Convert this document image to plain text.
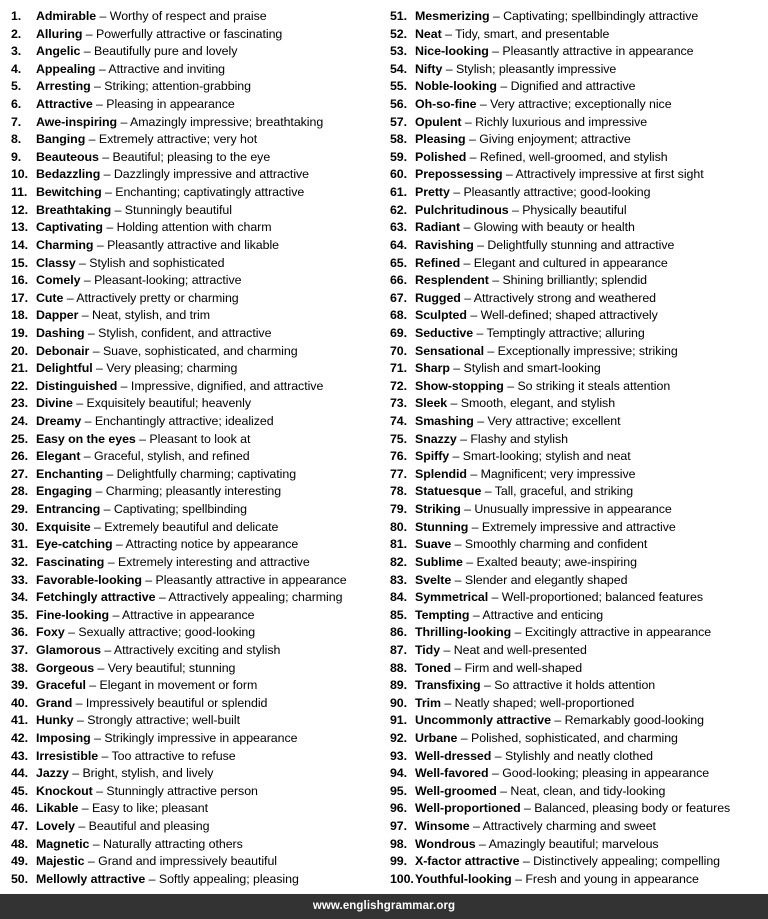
1.	Admirable – Worthy of respect and praise
2.	Alluring – Powerfully attractive or fascinating
3.	Angelic – Beautifully pure and lovely
4.	Appealing – Attractive and inviting
5.	Arresting – Striking; attention-grabbing
6.	Attractive – Pleasing in appearance
7.	Awe-inspiring – Amazingly impressive; breathtaking
8.	Banging – Extremely attractive; very hot
9.	Beauteous – Beautiful; pleasing to the eye
10. Bedazzling – Dazzlingly impressive and attractive
11. Bewitching – Enchanting; captivatingly attractive
12. Breathtaking – Stunningly beautiful
13. Captivating – Holding attention with charm
14. Charming – Pleasantly attractive and likable
15. Classy – Stylish and sophisticated
16. Comely – Pleasant-looking; attractive
17. Cute – Attractively pretty or charming
18. Dapper – Neat, stylish, and trim
19. Dashing – Stylish, confident, and attractive
20. Debonair – Suave, sophisticated, and charming
21. Delightful – Very pleasing; charming
22. Distinguished – Impressive, dignified, and attractive
23. Divine – Exquisitely beautiful; heavenly
24. Dreamy – Enchantingly attractive; idealized
25. Easy on the eyes – Pleasant to look at
26. Elegant – Graceful, stylish, and refined
27. Enchanting – Delightfully charming; captivating
28. Engaging – Charming; pleasantly interesting
29. Entrancing – Captivating; spellbinding
30. Exquisite – Extremely beautiful and delicate
31. Eye-catching – Attracting notice by appearance
32. Fascinating – Extremely interesting and attractive
33. Favorable-looking – Pleasantly attractive in appearance
34. Fetchingly attractive – Attractively appealing; charming
35. Fine-looking – Attractive in appearance
36. Foxy – Sexually attractive; good-looking
37. Glamorous – Attractively exciting and stylish
38. Gorgeous – Very beautiful; stunning
39. Graceful – Elegant in movement or form
40. Grand – Impressively beautiful or splendid
41. Hunky – Strongly attractive; well-built
42. Imposing – Strikingly impressive in appearance
43. Irresistible – Too attractive to refuse
44. Jazzy – Bright, stylish, and lively
45. Knockout – Stunningly attractive person
46. Likable – Easy to like; pleasant
47. Lovely – Beautiful and pleasing
48. Magnetic – Naturally attracting others
49. Majestic – Grand and impressively beautiful
50. Mellowly attractive – Softly appealing; pleasing
51. Mesmerizing – Captivating; spellbindingly attractive
52. Neat – Tidy, smart, and presentable
53. Nice-looking – Pleasantly attractive in appearance
54. Nifty – Stylish; pleasantly impressive
55. Noble-looking – Dignified and attractive
56. Oh-so-fine – Very attractive; exceptionally nice
57. Opulent – Richly luxurious and impressive
58. Pleasing – Giving enjoyment; attractive
59. Polished – Refined, well-groomed, and stylish
60. Prepossessing – Attractively impressive at first sight
61. Pretty – Pleasantly attractive; good-looking
62. Pulchritudinous – Physically beautiful
63. Radiant – Glowing with beauty or health
64. Ravishing – Delightfully stunning and attractive
65. Refined – Elegant and cultured in appearance
66. Resplendent – Shining brilliantly; splendid
67. Rugged – Attractively strong and weathered
68. Sculpted – Well-defined; shaped attractively
69. Seductive – Temptingly attractive; alluring
70. Sensational – Exceptionally impressive; striking
71. Sharp – Stylish and smart-looking
72. Show-stopping – So striking it steals attention
73. Sleek – Smooth, elegant, and stylish
74. Smashing – Very attractive; excellent
75. Snazzy – Flashy and stylish
76. Spiffy – Smart-looking; stylish and neat
77. Splendid – Magnificent; very impressive
78. Statuesque – Tall, graceful, and striking
79. Striking – Unusually impressive in appearance
80. Stunning – Extremely impressive and attractive
81. Suave – Smoothly charming and confident
82. Sublime – Exalted beauty; awe-inspiring
83. Svelte – Slender and elegantly shaped
84. Symmetrical – Well-proportioned; balanced features
85. Tempting – Attractive and enticing
86. Thrilling-looking – Excitingly attractive in appearance
87. Tidy – Neat and well-presented
88. Toned – Firm and well-shaped
89. Transfixing – So attractive it holds attention
90. Trim – Neatly shaped; well-proportioned
91. Uncommonly attractive – Remarkably good-looking
92. Urbane – Polished, sophisticated, and charming
93. Well-dressed – Stylishly and neatly clothed
94. Well-favored – Good-looking; pleasing in appearance
95. Well-groomed – Neat, clean, and tidy-looking
96. Well-proportioned – Balanced, pleasing body or features
97. Winsome – Attractively charming and sweet
98. Wondrous – Amazingly beautiful; marvelous
99. X-factor attractive – Distinctively appealing; compelling
100. Youthful-looking – Fresh and young in appearance
www.englishgrammar.org
